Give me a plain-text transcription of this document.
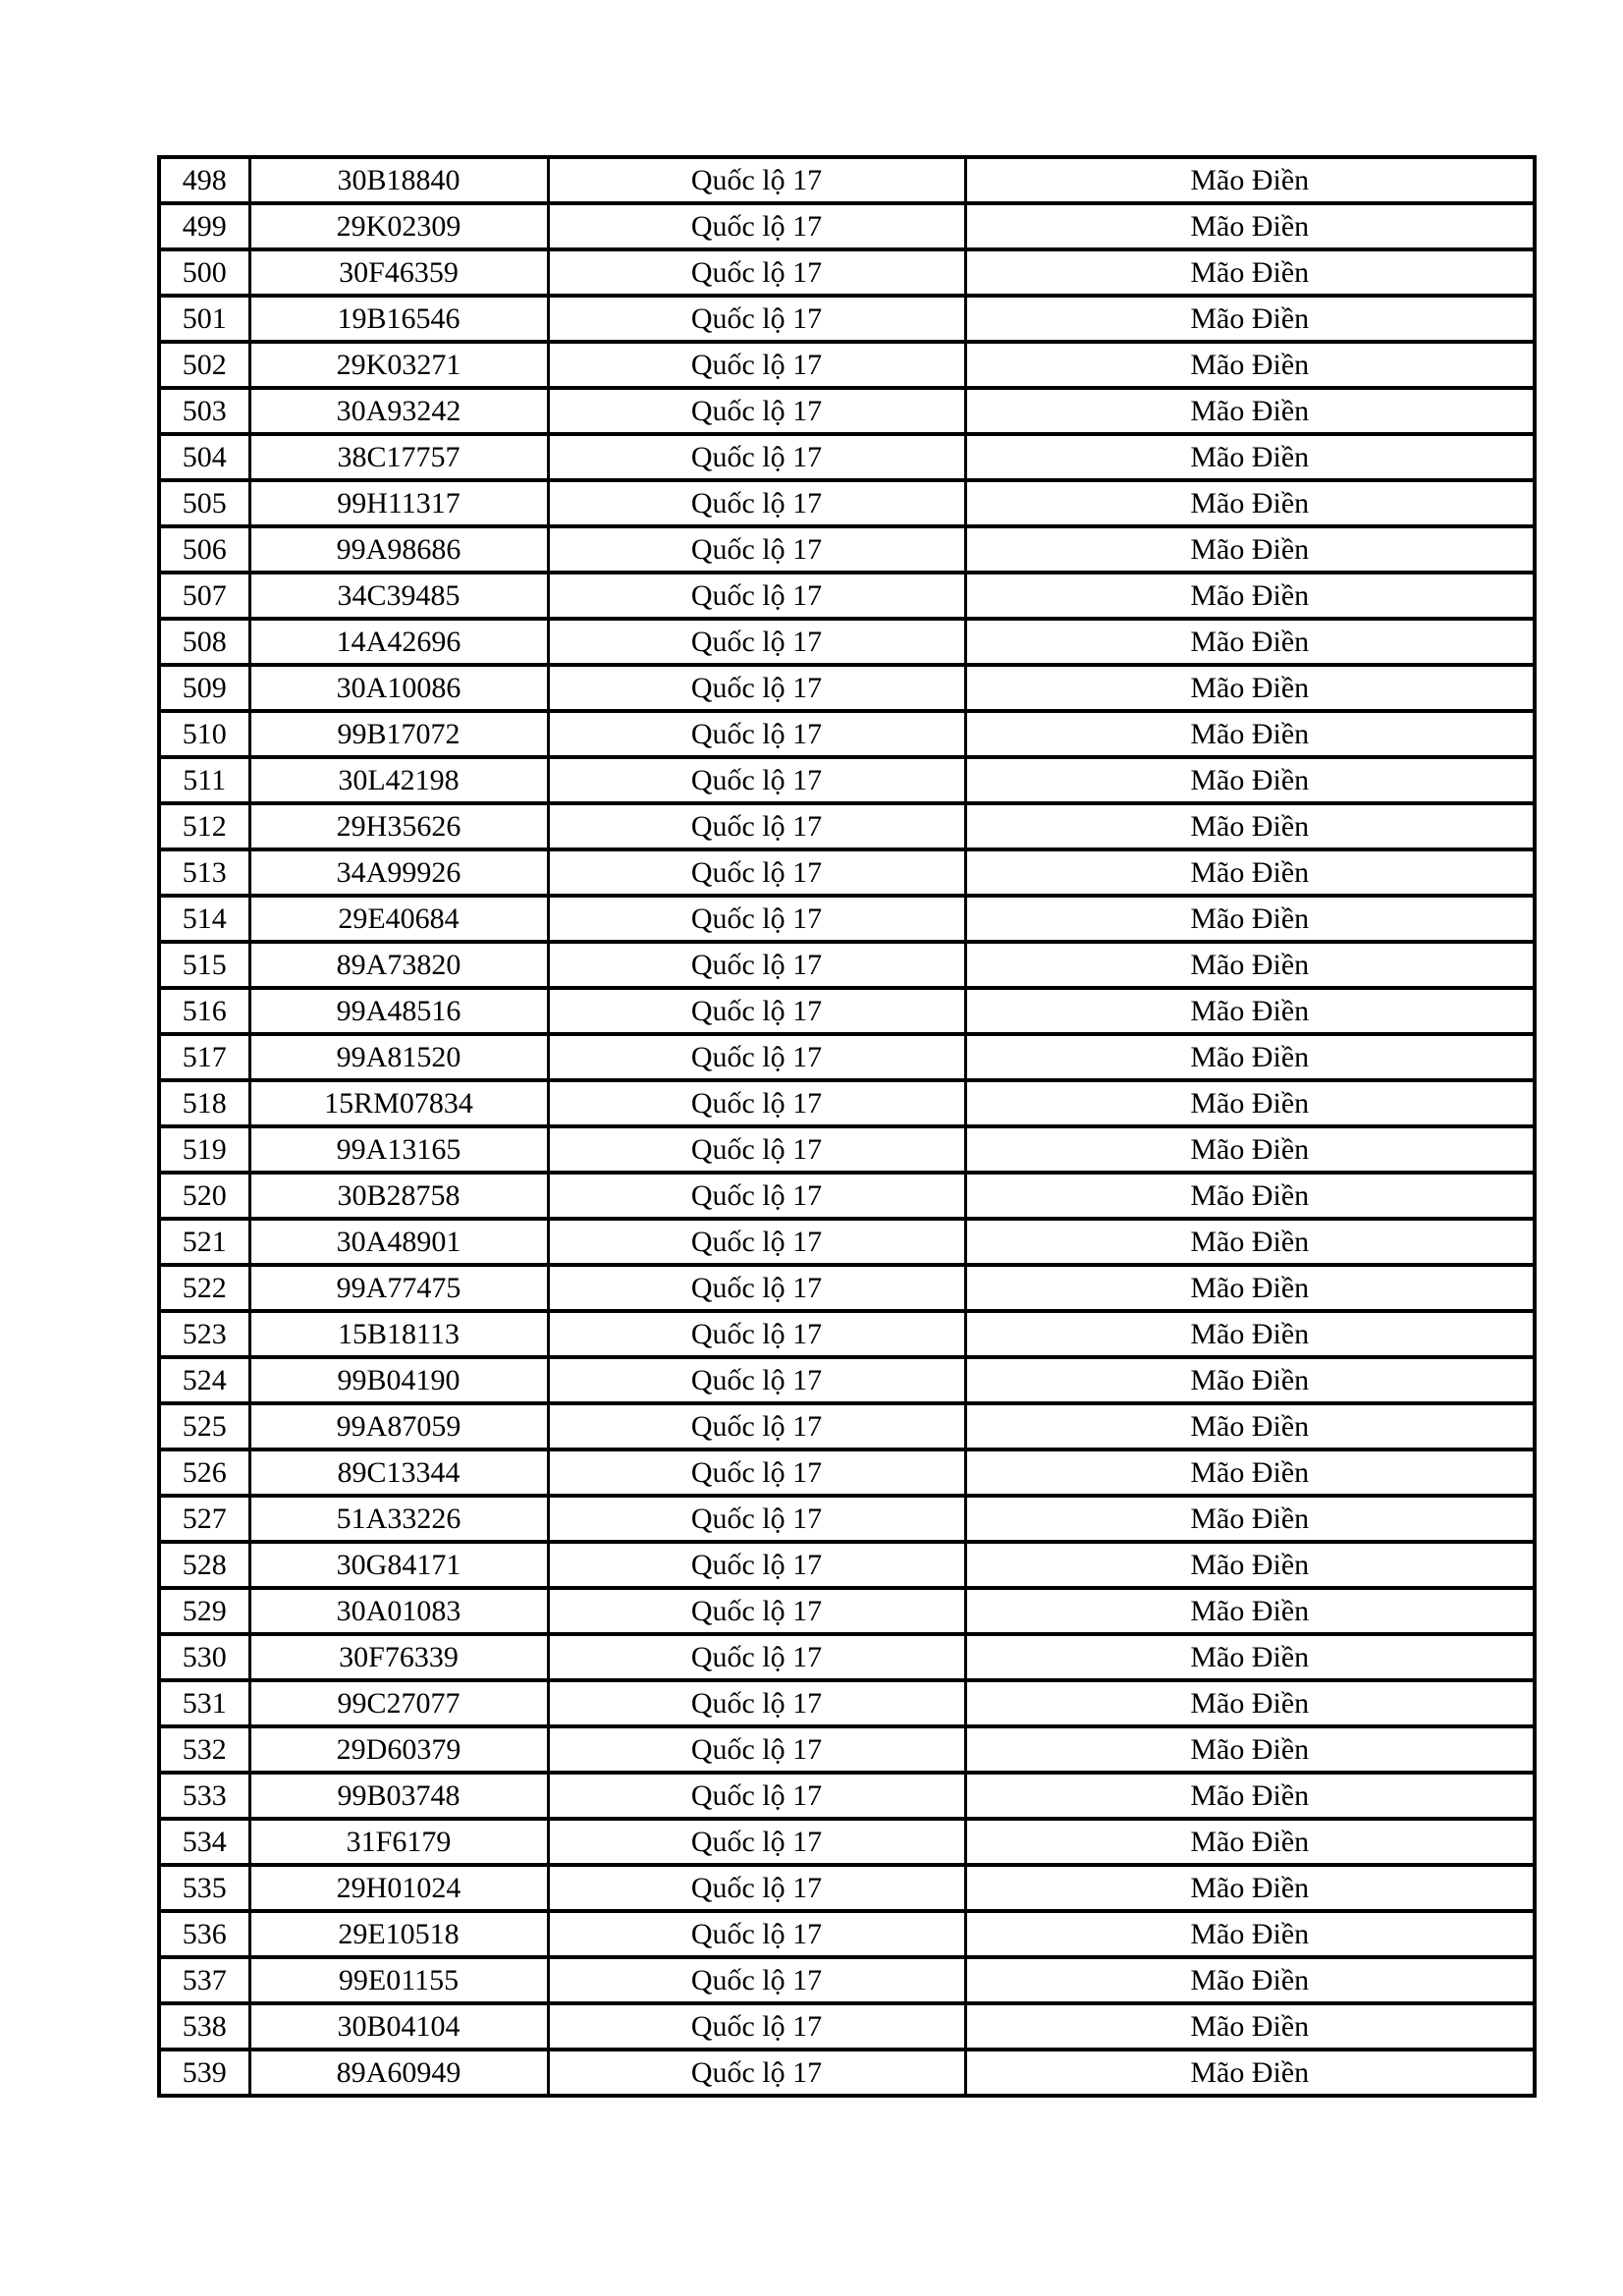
498	30B18840	Quốc lộ 17	Mão Điền
499	29K02309	Quốc lộ 17	Mão Điền
500	30F46359	Quốc lộ 17	Mão Điền
501	19B16546	Quốc lộ 17	Mão Điền
502	29K03271	Quốc lộ 17	Mão Điền
503	30A93242	Quốc lộ 17	Mão Điền
504	38C17757	Quốc lộ 17	Mão Điền
505	99H11317	Quốc lộ 17	Mão Điền
506	99A98686	Quốc lộ 17	Mão Điền
507	34C39485	Quốc lộ 17	Mão Điền
508	14A42696	Quốc lộ 17	Mão Điền
509	30A10086	Quốc lộ 17	Mão Điền
510	99B17072	Quốc lộ 17	Mão Điền
511	30L42198	Quốc lộ 17	Mão Điền
512	29H35626	Quốc lộ 17	Mão Điền
513	34A99926	Quốc lộ 17	Mão Điền
514	29E40684	Quốc lộ 17	Mão Điền
515	89A73820	Quốc lộ 17	Mão Điền
516	99A48516	Quốc lộ 17	Mão Điền
517	99A81520	Quốc lộ 17	Mão Điền
518	15RM07834	Quốc lộ 17	Mão Điền
519	99A13165	Quốc lộ 17	Mão Điền
520	30B28758	Quốc lộ 17	Mão Điền
521	30A48901	Quốc lộ 17	Mão Điền
522	99A77475	Quốc lộ 17	Mão Điền
523	15B18113	Quốc lộ 17	Mão Điền
524	99B04190	Quốc lộ 17	Mão Điền
525	99A87059	Quốc lộ 17	Mão Điền
526	89C13344	Quốc lộ 17	Mão Điền
527	51A33226	Quốc lộ 17	Mão Điền
528	30G84171	Quốc lộ 17	Mão Điền
529	30A01083	Quốc lộ 17	Mão Điền
530	30F76339	Quốc lộ 17	Mão Điền
531	99C27077	Quốc lộ 17	Mão Điền
532	29D60379	Quốc lộ 17	Mão Điền
533	99B03748	Quốc lộ 17	Mão Điền
534	31F6179	Quốc lộ 17	Mão Điền
535	29H01024	Quốc lộ 17	Mão Điền
536	29E10518	Quốc lộ 17	Mão Điền
537	99E01155	Quốc lộ 17	Mão Điền
538	30B04104	Quốc lộ 17	Mão Điền
539	89A60949	Quốc lộ 17	Mão Điền
